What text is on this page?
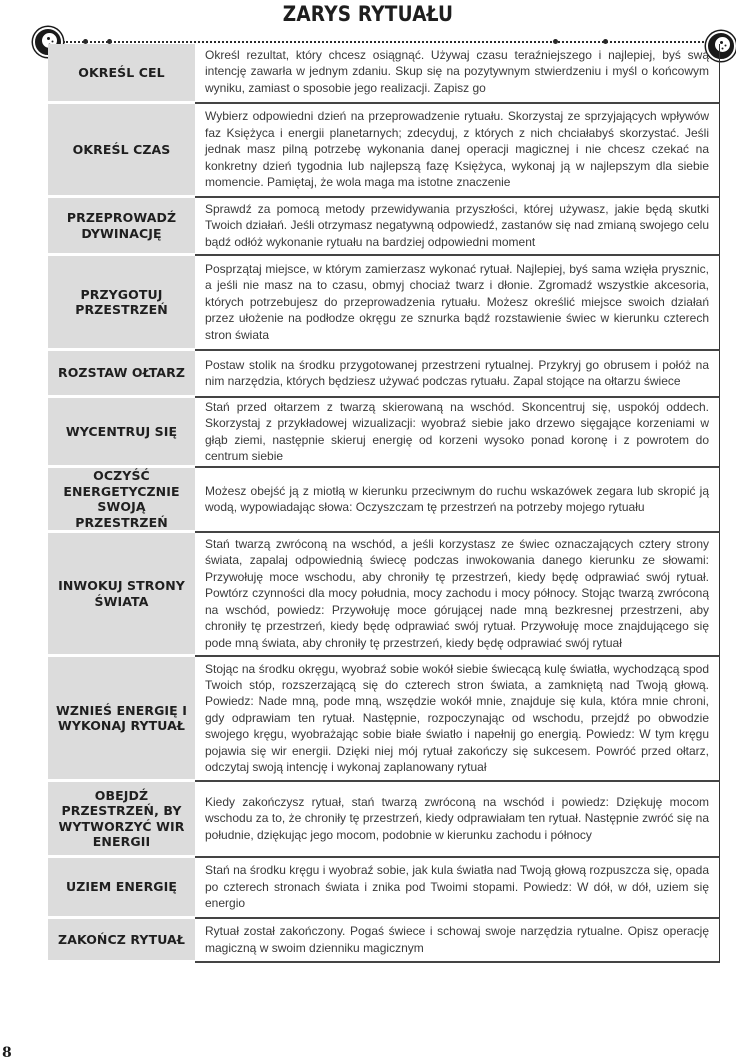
ZARYS RYTUAŁU
OKREŚL CEL
Określ rezultat, który chcesz osiągnąć. Używaj czasu teraźniejszego i najlepiej, byś swą intencję zawarła w jednym zdaniu. Skup się na pozytywnym stwierdzeniu i myśl o końcowym wyniku, zamiast o sposobie jego realizacji. Zapisz go
OKREŚL CZAS
Wybierz odpowiedni dzień na przeprowadzenie rytuału. Skorzystaj ze sprzyjających wpływów faz Księżyca i energii planetarnych; zdecyduj, z których z nich chciałabyś skorzystać. Jeśli jednak masz pilną potrzebę wykonania danej operacji magicznej i nie chcesz czekać na konkretny dzień tygodnia lub najlepszą fazę Księżyca, wykonaj ją w najlepszym dla siebie momencie. Pamiętaj, że wola maga ma istotne znaczenie
PRZEPROWADŹ DYWINACJĘ
Sprawdź za pomocą metody przewidywania przyszłości, której używasz, jakie będą skutki Twoich działań. Jeśli otrzymasz negatywną odpowiedź, zastanów się nad zmianą swojego celu bądź odłóż wykonanie rytuału na bardziej odpowiedni moment
PRZYGOTUJ PRZESTRZEŃ
Posprzątaj miejsce, w którym zamierzasz wykonać rytuał. Najlepiej, byś sama wzięła prysznic, a jeśli nie masz na to czasu, obmyj chociaż twarz i dłonie. Zgromadź wszystkie akcesoria, których potrzebujesz do przeprowadzenia rytuału. Możesz określić miejsce swoich działań przez ułożenie na podłodze okręgu ze sznurka bądź rozstawienie świec w kierunku czterech stron świata
ROZSTAW OŁTARZ
Postaw stolik na środku przygotowanej przestrzeni rytualnej. Przykryj go obrusem i połóż na nim narzędzia, których będziesz używać podczas rytuału. Zapal stojące na ołtarzu świece
WYCENTRUJ SIĘ
Stań przed ołtarzem z twarzą skierowaną na wschód. Skoncentruj się, uspokój oddech. Skorzystaj z przykładowej wizualizacji: wyobraź siebie jako drzewo sięgające korzeniami w głąb ziemi, następnie skieruj energię od korzeni wysoko ponad koronę i z powrotem do centrum siebie
OCZYŚĆ ENERGETYCZNIE SWOJĄ PRZESTRZEŃ
Możesz obejść ją z miotłą w kierunku przeciwnym do ruchu wskazówek zegara lub skropić ją wodą, wypowiadając słowa: Oczyszczam tę przestrzeń na potrzeby mojego rytuału
INWOKUJ STRONY ŚWIATA
Stań twarzą zwróconą na wschód, a jeśli korzystasz ze świec oznaczających cztery strony świata, zapalaj odpowiednią świecę podczas inwokowania danego kierunku ze słowami: Przywołuję moce wschodu, aby chroniły tę przestrzeń, kiedy będę odprawiać swój rytuał. Powtórz czynności dla mocy południa, mocy zachodu i mocy północy. Stojąc twarzą zwróconą na wschód, powiedz: Przywołuję moce górującej nade mną bezkresnej przestrzeni, aby chroniły tę przestrzeń, kiedy będę odprawiać swój rytuał. Przywołuję moce znajdującego się pode mną świata, aby chroniły tę przestrzeń, kiedy będę odprawiać swój rytuał
WZNIEŚ ENERGIĘ I WYKONAJ RYTUAŁ
Stojąc na środku okręgu, wyobraź sobie wokół siebie świecącą kulę światła, wychodzącą spod Twoich stóp, rozszerzającą się do czterech stron świata, a zamkniętą nad Twoją głową. Powiedz: Nade mną, pode mną, wszędzie wokół mnie, znajduje się kula, która mnie chroni, gdy odprawiam ten rytuał. Następnie, rozpoczynając od wschodu, przejdź po obwodzie swojego kręgu, wyobrażając sobie białe światło i napełnij go energią. Powiedz: W tym kręgu pojawia się wir energii. Dzięki niej mój rytuał zakończy się sukcesem. Powróć przed ołtarz, odczytaj swoją intencję i wykonaj zaplanowany rytuał
OBEJDŹ PRZESTRZEŃ, BY WYTWORZYĆ WIR ENERGII
Kiedy zakończysz rytuał, stań twarzą zwróconą na wschód i powiedz: Dziękuję mocom wschodu za to, że chroniły tę przestrzeń, kiedy odprawiałam ten rytuał. Następnie zwróć się na południe, dziękując jego mocom, podobnie w kierunku zachodu i północy
UZIEM ENERGIĘ
Stań na środku kręgu i wyobraź sobie, jak kula światła nad Twoją głową rozpuszcza się, opada po czterech stronach świata i znika pod Twoimi stopami. Powiedz: W dół, w dół, uziem się energio
ZAKOŃCZ RYTUAŁ
Rytuał został zakończony. Pogaś świece i schowaj swoje narzędzia rytualne. Opisz operację magiczną w swoim dzienniku magicznym
8
